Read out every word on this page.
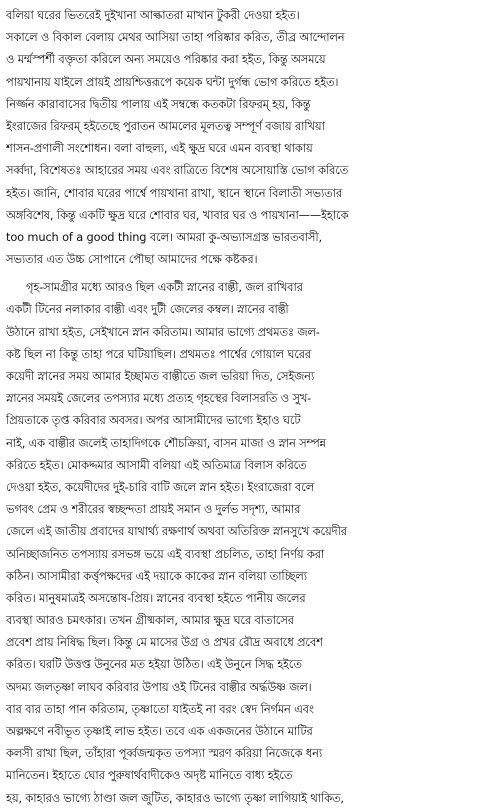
বলিয়া ঘরের ভিতরেই দুইখানা আল্কাতরা মাখান টুকরী দেওয়া হইত।
সকালে ও বিকাল বেলায় মেথর আসিয়া তাহা পরিষ্কার করিত, তীব্র আন্দোলন
ও মর্ম্মস্পর্শী বক্তৃতা করিলে অন্য সময়েও পরিষ্কার করা হইত, কিন্তু অসময়ে
পায়খানায় যাইলে প্রায়ই প্রায়শ্চিত্তরূপে কয়েক ঘন্টা দুর্গন্ধ ভোগ করিতে হইত।
নির্জ্জন কারাবাসের দ্বিতীয় পালায় এই সম্বন্ধে কতকটা রিফরম্ হয়, কিন্তু
ইংরাজের রিফরম্ হইতেছে পুরাতন আমলের মূলতত্ব সম্পূর্ণ বজায় রাখিয়া
শাসন-প্রণালী সংশোধন। বলা বাহুল্য, এই ক্ষুদ্র ঘরে এমন ব্যবস্থা থাকায়
সর্ব্বদা, বিশেষতঃ আহারের সময় এবং রাত্রিতে বিশেষ অসোয়াস্তি ভোগ করিতে
হইত। জানি, শোবার ঘরের পার্শ্বে পায়খানা রাখা, স্থানে স্থানে বিলাতী সভ্যতার
অঙ্গবিশেষ, কিন্তু একটি ক্ষুদ্র ঘরে শোবার ঘর, খাবার ঘর ও পায়খানা——ইহাকে
too much of a good thing বলে। আমরা কু-অভ্যাসগ্রস্ত ভারতবাসী,
সভ্যতার এত উচ্চ সোপানে পৌছা আমাদের পক্ষে কষ্টকর।
গৃহ-সামগ্রীর মধ্যে আরও ছিল একটী স্নানের বাল্তী, জল রাখিবার
একটী টিনের নলাকার বাল্তী এবং দুটী জেলের কম্বল। স্নানের বাল্তী
উঠানে রাখা হইত, সেইখানে স্নান করিতাম। আমার ভাগ্যে প্রথমতঃ জল-
কষ্ট ছিল না কিন্তু তাহা পরে ঘটিয়াছিল। প্রথমতঃ পার্শ্বের গোয়াল ঘরের
কয়েদী স্নানের সময় আমার ইচ্ছামত বাল্তীতে জল ভরিয়া দিত, সেইজন্য
স্নানের সময়ই জেলের তপস্যার মধ্যে প্রত্যহ গৃহস্থের বিলাসরতি ও সুখ-
প্রিয়তাকে তৃপ্ত করিবার অবসর। অপর আসামীদের ভাগ্যে ইহাও ঘটে
নাই, এক বাল্তীর জলেই তাহাদিগকে শৌচক্রিয়া, বাসন মাজা ও স্নান সম্পন্ন
করিতে হইত। মোকদ্দমার আসামী বলিয়া এই অতিমাত্র বিলাস করিতে
দেওয়া হইত, কয়েদীদের দুই-চারি বাটি জলে স্নান হইত। ইংরাজেরা বলে
ভগবৎ প্রেম ও শরীরের স্বচ্ছন্দতা প্রায়ই সমান ও দুর্লভ সদৃশ্য, আমার
জেলে এই জাতীয় প্রবাদের যাথার্থ্য রক্ষণার্থ অথবা অতিরিক্ত স্নানসুখে কয়েদীর
অনিচ্ছাজনিত তপস্যায় রসভঙ্গ ভয়ে এই ব্যবস্থা প্রচলিত, তাহা নির্ণয় করা
কঠিন। আসামীরা কর্ত্তৃপক্ষদের এই দয়াকে কাকের স্নান বলিয়া তাচ্ছিল্য
করিত। মানুষমাত্রই অসন্তোষ-প্রিয়। স্নানের ব্যবস্থা হইতে পানীয় জলের
ব্যবস্থা আরও চমৎকার। তখন গ্রীষ্মকাল, আমার ক্ষুদ্র ঘরে বাতাসের
প্রবেশ প্রায় নিষিদ্ধ ছিল। কিন্তু মে মাসের উগ্র ও প্রখর রৌদ্র অবাধে প্রবেশ
করিত। ঘরটি উত্তপ্ত উনুনের মত হইয়া উঠিত। এই উনুনে সিদ্ধ হইতে
অদম্য জলতৃষ্ণা লাঘব করিবার উপায় ওই টিনের বাল্তীর অর্দ্ধউষ্ণ জল।
বার বার তাহা পান করিতাম, তৃষ্ণাতো যাইতই না বরং স্বেদ নির্গমন এবং
অল্পক্ষণে নবীভূত তৃষ্ণাই লাভ হইত। তবে এক একজনের উঠানে মাটির
কলসী রাখা ছিল, তাঁহারা পূর্ব্বজন্মকৃত তপস্যা স্মরণ করিয়া নিজেকে ধন্য
মানিতেন। ইহাতে ঘোর পুরুষার্থবাদীকেও অদৃষ্ট মানিতে বাধ্য হইতে
হয়, কাহারও ভাগ্যে ঠাণ্ডা জল জুটিত, কাহারও ভাগ্যে তৃষ্ণা লাগিয়াই থাকিত,
